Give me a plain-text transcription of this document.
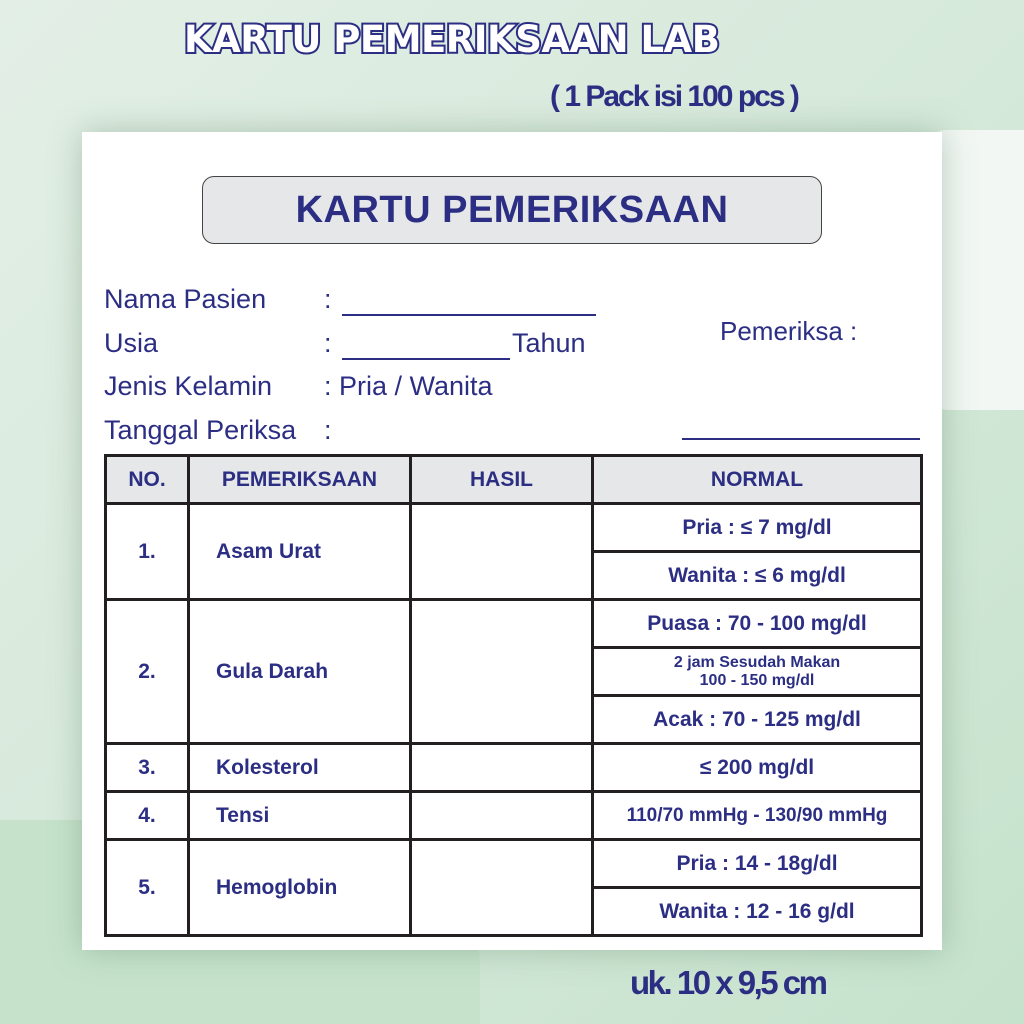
KARTU PEMERIKSAAN LAB
( 1 Pack isi 100 pcs )
KARTU PEMERIKSAAN
Nama Pasien :
Usia	:	Tahun
Jenis Kelamin : Pria / Wanita
Tanggal Periksa :
Pemeriksa :
NO.	PEMERIKSAAN	HASIL	NORMAL
1.	Asam Urat		Pria : ≤ 7 mg/dl
			Wanita : ≤ 6 mg/dl
2.	Gula Darah		Puasa : 70 - 100 mg/dl

			2 jam Sesudah Makan
100 - 150 mg/dl

			Acak : 70 - 125 mg/dl
3.	Kolesterol		≤ 200 mg/dl
4.	Tensi		110/70 mmHg - 130/90 mmHg
5.	Hemoglobin		Pria : 14 - 18g/dl
			Wanita : 12 - 16 g/dl
uk. 10 x 9,5 cm
